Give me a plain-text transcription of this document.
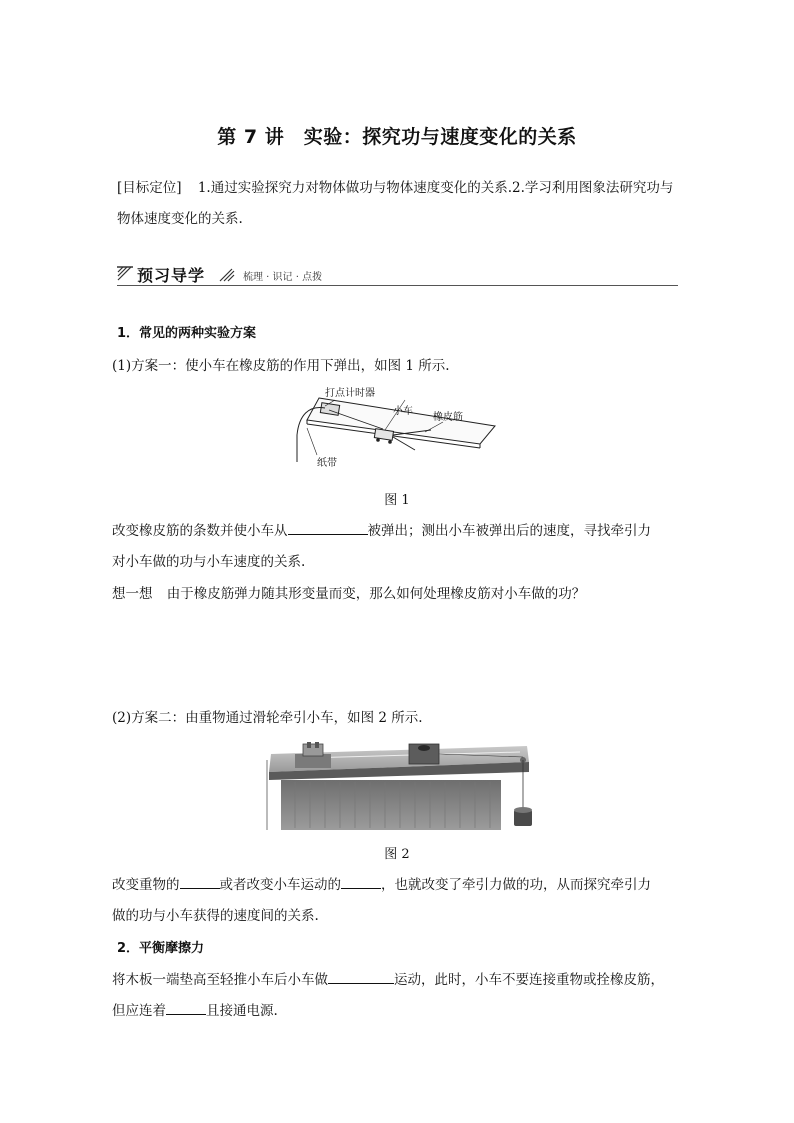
第 7 讲　实验：探究功与速度变化的关系
[目标定位] 1.通过实验探究力对物体做功与物体速度变化的关系.2.学习利用图象法研究功与
物体速度变化的关系.
预习导学	梳理 · 识记 · 点拨
1．常见的两种实验方案
(1)方案一：使小车在橡皮筋的作用下弹出，如图 1 所示.
打点计时器
小车
橡皮筋
纸带
图 1
改变橡皮筋的条数并使小车从	被弹出；测出小车被弹出后的速度，寻找牵引力
对小车做的功与小车速度的关系.
想一想 由于橡皮筋弹力随其形变量而变，那么如何处理橡皮筋对小车做的功？
(2)方案二：由重物通过滑轮牵引小车，如图 2 所示.
图 2
改变重物的	或者改变小车运动的	，也就改变了牵引力做的功，从而探究牵引力
做的功与小车获得的速度间的关系.
2．平衡摩擦力
将木板一端垫高至轻推小车后小车做	运动，此时，小车不要连接重物或拴橡皮筋，
但应连着	且接通电源.
